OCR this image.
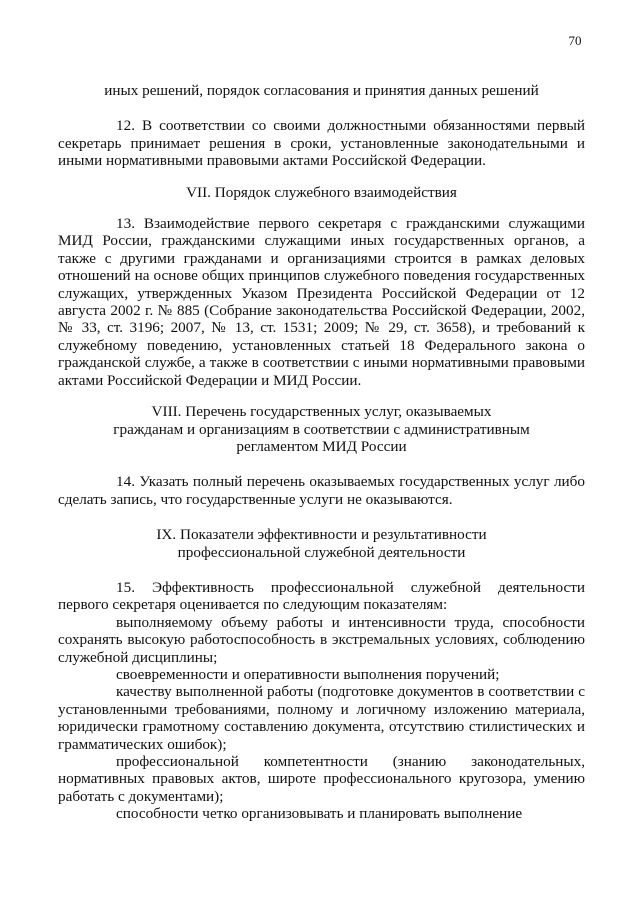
70

иных решений, порядок согласования и принятия данных решений

12. В соответствии со своими должностными обязанностями первый секретарь принимает решения в сроки, установленные законодательными и иными нормативными правовыми актами Российской Федерации.

VII. Порядок служебного взаимодействия

13. Взаимодействие первого секретаря с гражданскими служащими МИД России, гражданскими служащими иных государственных органов, а также с другими гражданами и организациями строится в рамках деловых отношений на основе общих принципов служебного поведения государственных служащих, утвержденных Указом Президента Российской Федерации от 12 августа 2002 г. № 885 (Собрание законодательства Российской Федерации, 2002, № 33, ст. 3196; 2007, № 13, ст. 1531; 2009; № 29, ст. 3658), и требований к служебному поведению, установленных статьей 18 Федерального закона о гражданской службе, а также в соответствии с иными нормативными правовыми актами Российской Федерации и МИД России.

VIII. Перечень государственных услуг, оказываемых

гражданам и организациям в соответствии с административным

регламентом МИД России

14. Указать полный перечень оказываемых государственных услуг либо сделать запись, что государственные услуги не оказываются.

IX. Показатели эффективности и результативности

профессиональной служебной деятельности

15. Эффективность профессиональной служебной деятельности первого секретаря оценивается по следующим показателям:

выполняемому объему работы и интенсивности труда, способности сохранять высокую работоспособность в экстремальных условиях, соблюдению служебной дисциплины;

своевременности и оперативности выполнения поручений;

качеству выполненной работы (подготовке документов в соответствии с установленными требованиями, полному и логичному изложению материала, юридически грамотному составлению документа, отсутствию стилистических и грамматических ошибок);

профессиональной компетентности (знанию законодательных, нормативных правовых актов, широте профессионального кругозора, умению работать с документами);

способности четко организовывать и планировать выполнение
